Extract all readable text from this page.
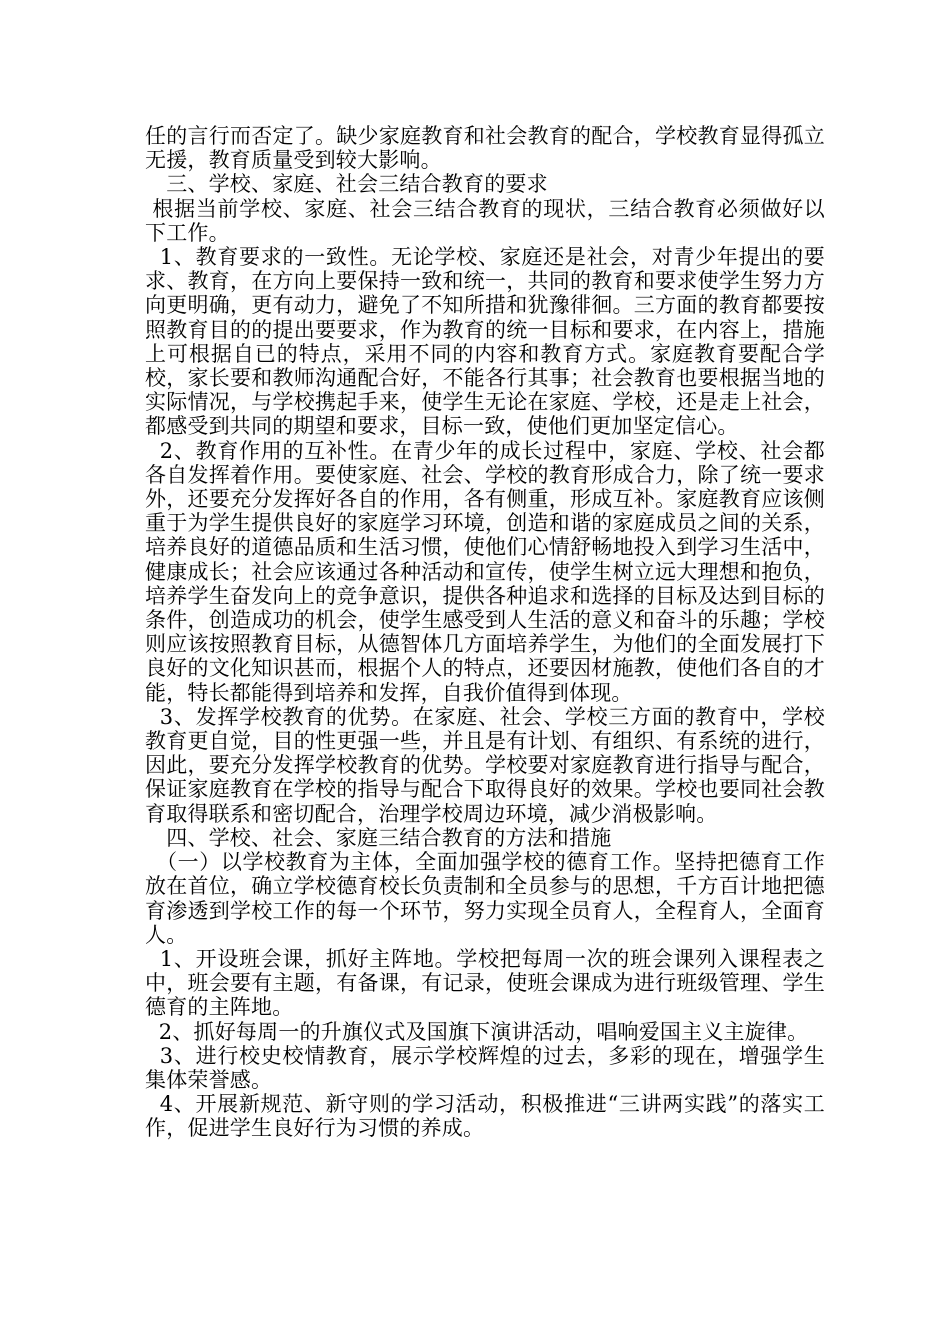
任的言行而否定了。缺少家庭教育和社会教育的配合，学校教育显得孤立无援，教育质量受到较大影响。

　三、学校、家庭、社会三结合教育的要求

根据当前学校、家庭、社会三结合教育的现状，三结合教育必须做好以下工作。

1、教育要求的一致性。无论学校、家庭还是社会，对青少年提出的要求、教育，在方向上要保持一致和统一，共同的教育和要求使学生努力方向更明确，更有动力，避免了不知所措和犹豫徘徊。三方面的教育都要按照教育目的的提出要要求，作为教育的统一目标和要求，在内容上，措施上可根据自已的特点，采用不同的内容和教育方式。家庭教育要配合学校，家长要和教师沟通配合好，不能各行其事；社会教育也要根据当地的实际情况，与学校携起手来，使学生无论在家庭、学校，还是走上社会，都感受到共同的期望和要求，目标一致，使他们更加坚定信心。

2、教育作用的互补性。在青少年的成长过程中，家庭、学校、社会都各自发挥着作用。要使家庭、社会、学校的教育形成合力，除了统一要求外，还要充分发挥好各自的作用，各有侧重，形成互补。家庭教育应该侧重于为学生提供良好的家庭学习环境，创造和谐的家庭成员之间的关系，培养良好的道德品质和生活习惯，使他们心情舒畅地投入到学习生活中，健康成长；社会应该通过各种活动和宣传，使学生树立远大理想和抱负，培养学生奋发向上的竞争意识，提供各种追求和选择的目标及达到目标的条件，创造成功的机会，使学生感受到人生活的意义和奋斗的乐趣；学校则应该按照教育目标，从德智体几方面培养学生，为他们的全面发展打下良好的文化知识甚而，根据个人的特点，还要因材施教，使他们各自的才能，特长都能得到培养和发挥，自我价值得到体现。

3、发挥学校教育的优势。在家庭、社会、学校三方面的教育中，学校教育更自觉，目的性更强一些，并且是有计划、有组织、有系统的进行，因此，要充分发挥学校教育的优势。学校要对家庭教育进行指导与配合，保证家庭教育在学校的指导与配合下取得良好的效果。学校也要同社会教育取得联系和密切配合，治理学校周边环境，减少消极影响。

　四、学校、社会、家庭三结合教育的方法和措施

　（一）以学校教育为主体，全面加强学校的德育工作。坚持把德育工作放在首位，确立学校德育校长负责制和全员参与的思想，千方百计地把德育渗透到学校工作的每一个环节，努力实现全员育人，全程育人，全面育人。

1、开设班会课，抓好主阵地。学校把每周一次的班会课列入课程表之中，班会要有主题，有备课，有记录，使班会课成为进行班级管理、学生德育的主阵地。

2、抓好每周一的升旗仪式及国旗下演讲活动，唱响爱国主义主旋律。

3、进行校史校情教育，展示学校辉煌的过去，多彩的现在，增强学生集体荣誉感。

4、开展新规范、新守则的学习活动，积极推进“三讲两实践”的落实工作，促进学生良好行为习惯的养成。
